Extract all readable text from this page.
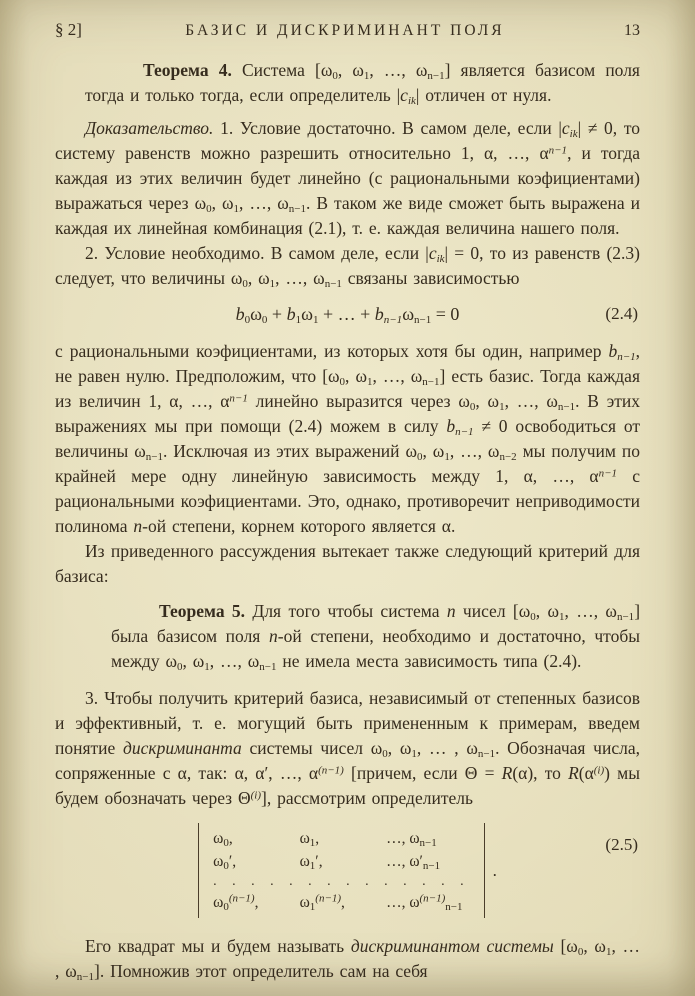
§ 2]	БАЗИС И ДИСКРИМИНАНТ ПОЛЯ	13

Теорема 4. Система [$\omega_0$, $\omega_1$, …, $\omega_{n-1}$] является базисом поля тогда и только тогда, если определитель $|c_{ik}|$ отличен от нуля.

Доказательство. 1. Условие достаточно. В самом деле, если $|c_{ik}| \ne 0$, то систему равенств можно разрешить относительно 1, α, …, $\alpha^{n-1}$, и тогда каждая из этих величин будет линейно (с рациональными коэфициентами) выражаться через $\omega_0$, $\omega_1$, …, $\omega_{n-1}$. В таком же виде сможет быть выражена и каждая их линейная комбинация (2.1), т. е. каждая величина нашего поля.

2. Условие необходимо. В самом деле, если $|c_{ik}| = 0$, то из равенств (2.3) следует, что величины $\omega_0$, $\omega_1$, …, $\omega_{n-1}$ связаны зависимостью

$b_0\omega_0 + b_1\omega_1$ + … + $b_{n-1}\omega_{n-1} = 0$	(2.4)

с рациональными коэфициентами, из которых хотя бы один, например $b_{n-1}$, не равен нулю. Предположим, что [$\omega_0$, $\omega_1$, …, $\omega_{n-1}$] есть базис. Тогда каждая из величин 1, α, …, $\alpha^{n-1}$ линейно выразится через $\omega_0$, $\omega_1$, …, $\omega_{n-1}$. В этих выражениях мы при помощи (2.4) можем в силу $b_{n-1} \ne 0$ освободиться от величины $\omega_{n-1}$. Исключая из этих выражений $\omega_0$, $\omega_1$, …, $\omega_{n-2}$ мы получим по крайней мере одну линейную зависимость между 1, α, …, $\alpha^{n-1}$ с рациональными коэфициентами. Это, однако, противоречит неприводимости полинома n-ой степени, корнем которого является α.

Из приведенного рассуждения вытекает также следующий критерий для базиса:

Теорема 5. Для того чтобы система n чисел [$\omega_0$, $\omega_1$, …, $\omega_{n-1}$] была базисом поля n-ой степени, необходимо и достаточно, чтобы между $\omega_0$, $\omega_1$, …, $\omega_{n-1}$ не имела места зависимость типа (2.4).

3. Чтобы получить критерий базиса, независимый от степенных базисов и эффективный, т. е. могущий быть примененным к примерам, введем понятие дискриминанта системы чисел $\omega_0$, $\omega_1$, … , $\omega_{n-1}$. Обозначая числа, сопряженные с α, так: α, α′, …, $\alpha^{(n-1)}$ [причем, если Θ = R(α), то $R(\alpha^{(i)})$ мы будем обозначать через $\Theta^{(i)}$], рассмотрим определитель

$\omega_0$,	$\omega_1$,	…, $\omega_{n-1}$
$\omega_0'$,	$\omega_1'$,	…, $\omega'_{n-1}$
. . . . . . . . . . . . . .
$\omega_0^{(n-1)}$,	$\omega_1^{(n-1)}$,	…, $\omega^{(n-1)}_{n-1}$
.
(2.5)

Его квадрат мы и будем называть дискриминантом системы [$\omega_0$, $\omega_1$, … , $\omega_{n-1}$]. Помножив этот определитель сам на себя
